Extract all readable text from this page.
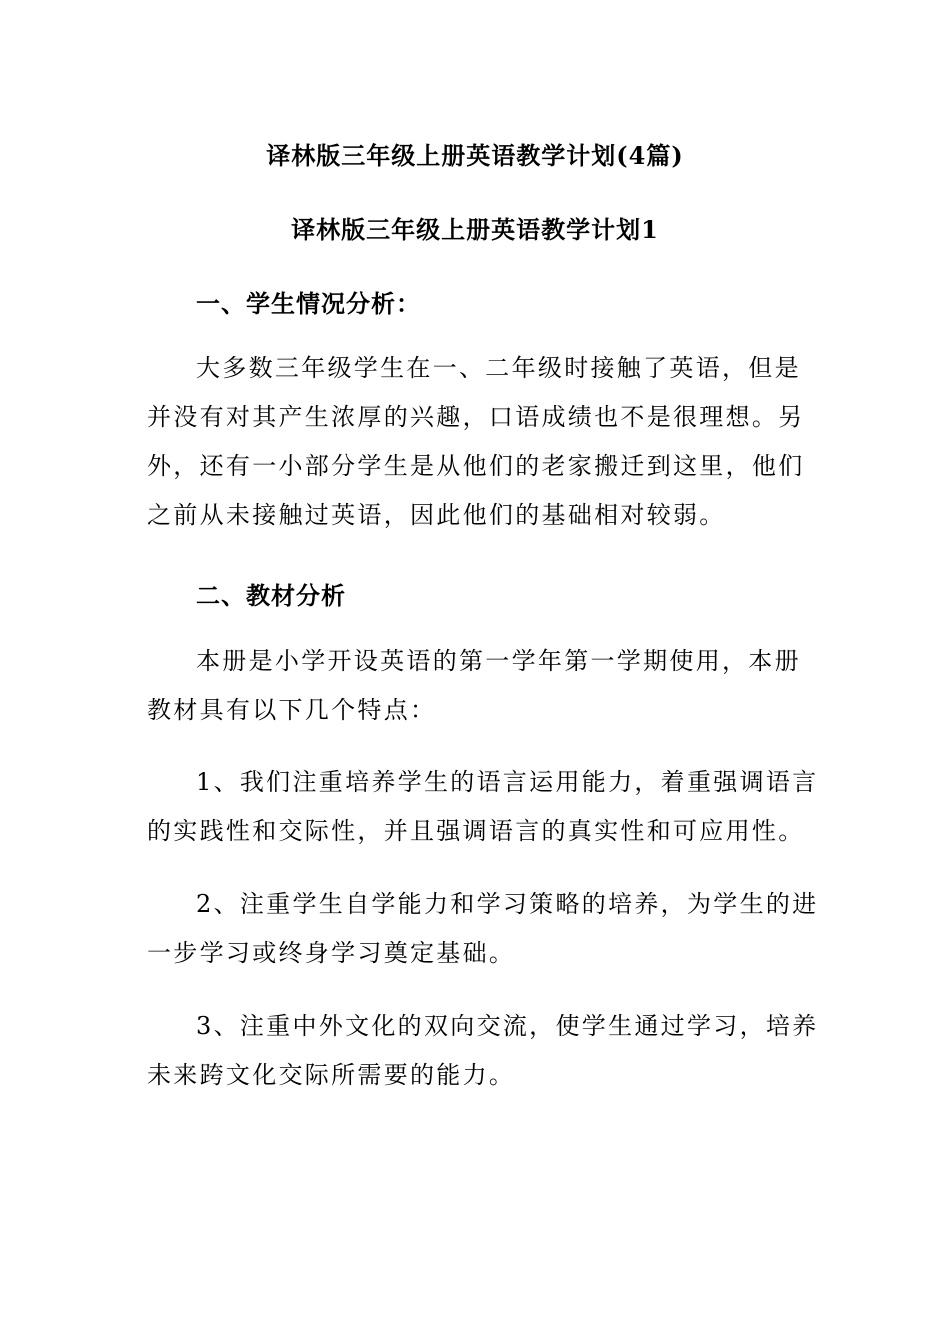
译林版三年级上册英语教学计划(4篇)
译林版三年级上册英语教学计划1
一、学生情况分析：
大多数三年级学生在一、二年级时接触了英语，但是
并没有对其产生浓厚的兴趣，口语成绩也不是很理想。另
外，还有一小部分学生是从他们的老家搬迁到这里，他们
之前从未接触过英语，因此他们的基础相对较弱。
二、教材分析
本册是小学开设英语的第一学年第一学期使用，本册
教材具有以下几个特点：
1、我们注重培养学生的语言运用能力，着重强调语言
的实践性和交际性，并且强调语言的真实性和可应用性。
2、注重学生自学能力和学习策略的培养，为学生的进
一步学习或终身学习奠定基础。
3、注重中外文化的双向交流，使学生通过学习，培养
未来跨文化交际所需要的能力。
